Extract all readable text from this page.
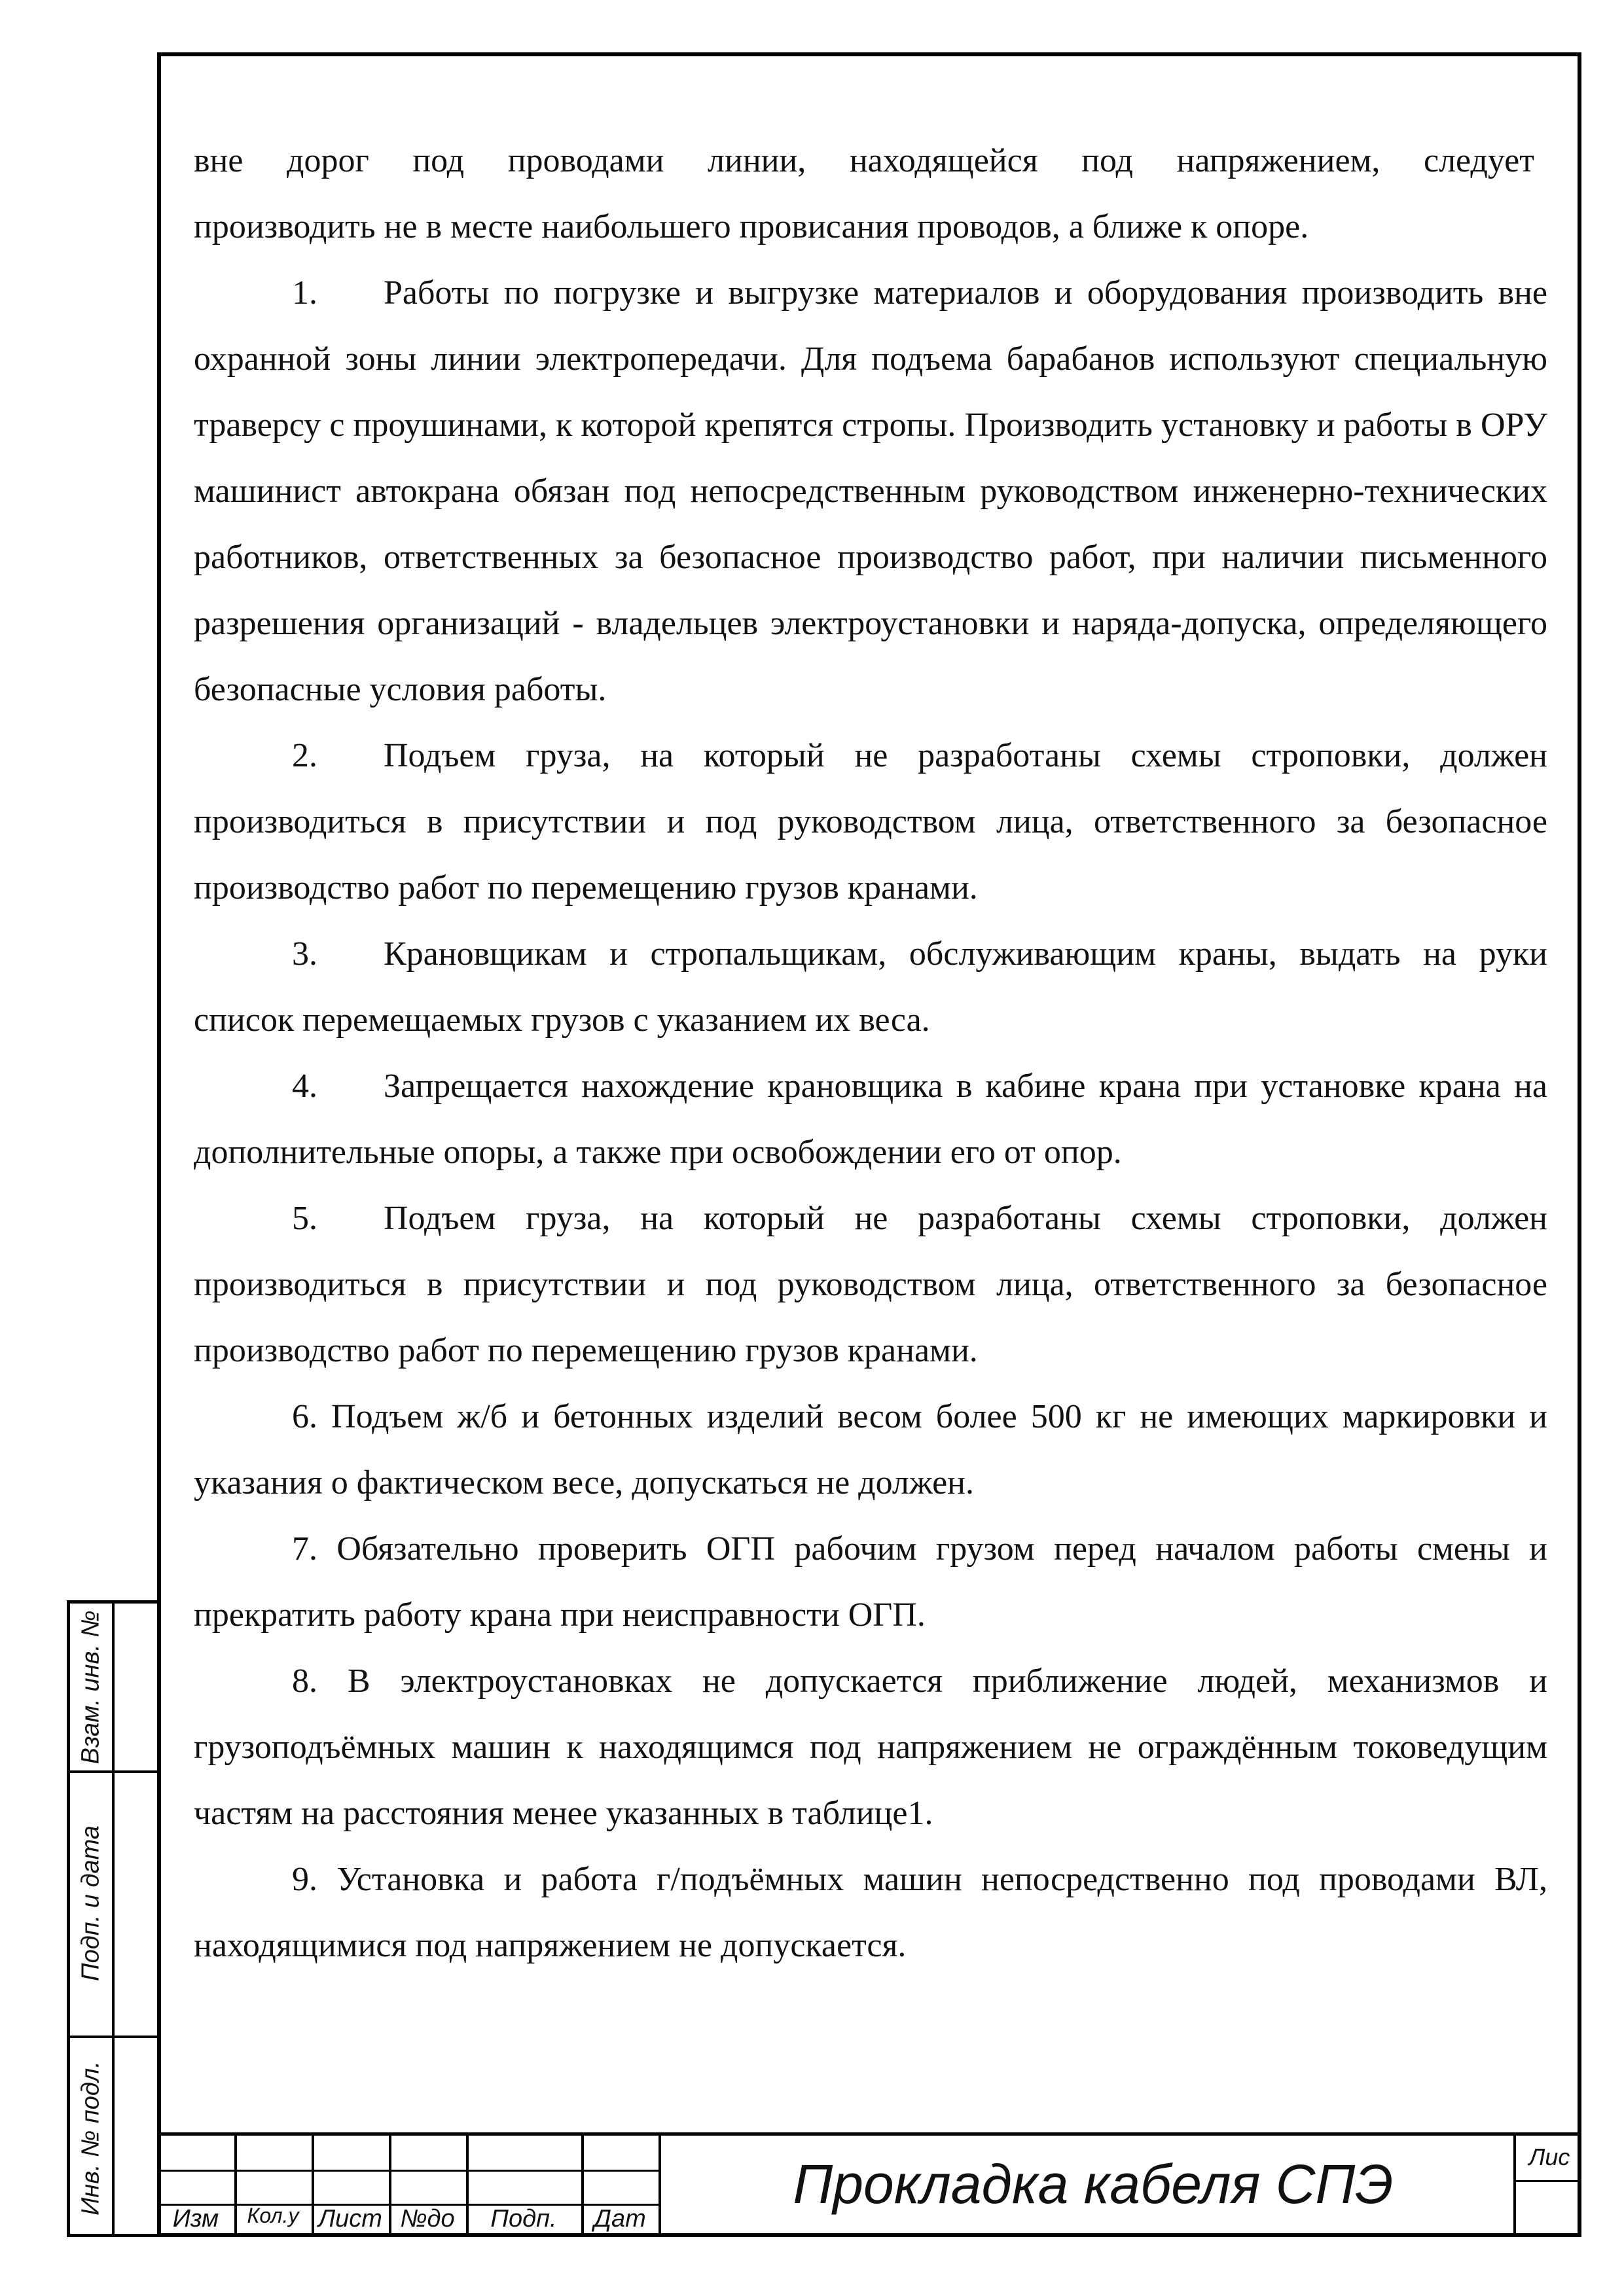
вне дорог под проводами линии, находящейся под напряжением, следует

производить не в месте наибольшего провисания проводов, а ближе к опоре.

1. Работы по погрузке и выгрузке материалов и оборудования производить вне охранной зоны линии электропередачи. Для подъема барабанов используют специальную траверсу с проушинами, к которой крепятся стропы. Производить установку и работы в ОРУ машинист автокрана обязан под непосредственным руководством инженерно-технических работников, ответственных за безопасное производство работ, при наличии письменного разрешения организаций - владельцев электроустановки и наряда-допуска, определяющего безопасные условия работы.

2. Подъем груза, на который не разработаны схемы строповки, должен производиться в присутствии и под руководством лица, ответственного за безопасное производство работ по перемещению грузов кранами.

3. Крановщикам и стропальщикам, обслуживающим краны, выдать на руки список перемещаемых грузов с указанием их веса.

4. Запрещается нахождение крановщика в кабине крана при установке крана на дополнительные опоры, а также при освобождении его от опор.

5. Подъем груза, на который не разработаны схемы строповки, должен производиться в присутствии и под руководством лица, ответственного за безопасное производство работ по перемещению грузов кранами.

6. Подъем ж/б и бетонных изделий весом более 500 кг не имеющих маркировки и указания о фактическом весе, допускаться не должен.

7. Обязательно проверить ОГП рабочим грузом перед началом работы смены и прекратить работу крана при неисправности ОГП.

8. В электроустановках не допускается приближение людей, механизмов и грузоподъёмных машин к находящимся под напряжением не ограждённым токоведущим частям на расстояния менее указанных в таблице1.

9. Установка и работа г/подъёмных машин непосредственно под проводами ВЛ, находящимися под напряжением не допускается.

Взам. инв. №
Подп. и дата
Инв. № подл.
Изм	Кол.у Лист №до	Подп.	Дат
Прокладка кабеля СПЭ	Лис
